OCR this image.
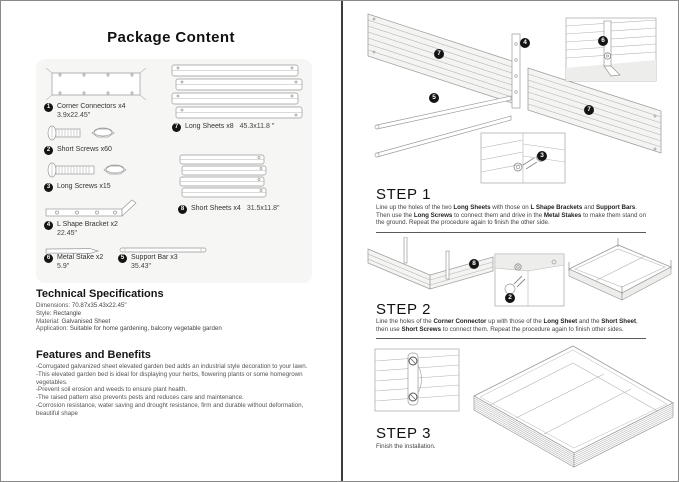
Package Content
1 Corner Connectors x4
3.9x22.45"
2 Short Screws x60
3 Long Screws x15
4 L Shape Bracket x2
22.45"
6 Metal Stake x2
5.9"
5 Support Bar x3
35.43"
7 Long Sheets x8 45.3x11.8 "
8 Short Sheets x4 31.5x11.8"
Technical Specifications
Dimensions: 70.87x35.43x22.45"
Style: Rectangle
Material: Galvanised Sheet
Application: Suitable for home gardening, balcony vegetable garden
Features and Benefits
-Corrugated galvanized sheet elevated garden bed adds an industrial style decoration to your lawn.
-This elevated garden bed is ideal for displaying your herbs, flowering plants or some homegrown vegetables.
-Prevent soil erosion and weeds to ensure plant health.
-The raised pattern also prevents pests and reduces care and maintenance.
-Corrosion resistance, water saving and drought resistance, firm and durable without deformation, beautiful shape
7
4	6
5
3
7
STEP 1
Line up the holes of the two Long Sheets with those on L Shape Brackets and Support Bars. Then use the Long Screws to connect them and drive in the Metal Stakes to make them stand on the ground. Repeat the procedure again to finish the other side.
8
2
STEP 2
Line the holes of the Corner Connector up with those of the Long Sheet and the Short Sheet, then use Short Screws to connect them. Repeat the procedure again to finish other sides.
STEP 3
Finish the installation.
